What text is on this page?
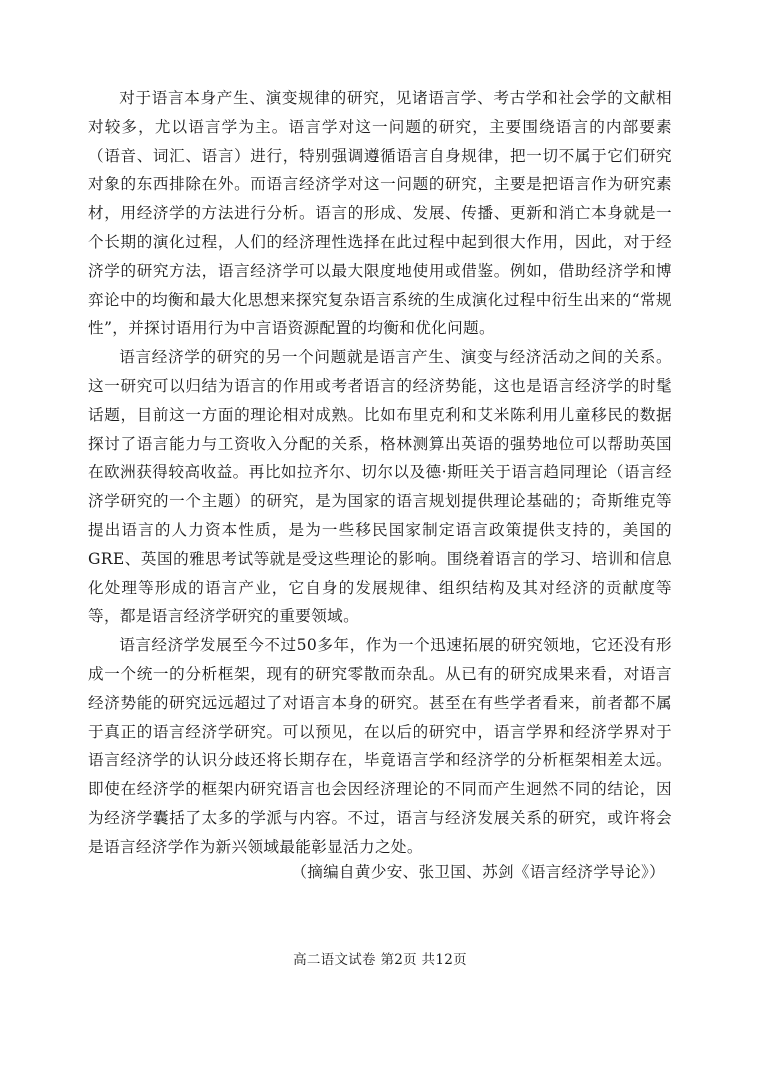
对于语言本身产生、演变规律的研究，见诸语言学、考古学和社会学的文献相对较多，尤以语言学为主。语言学对这一问题的研究，主要围绕语言的内部要素（语音、词汇、语言）进行，特别强调遵循语言自身规律，把一切不属于它们研究对象的东西排除在外。而语言经济学对这一问题的研究，主要是把语言作为研究素材，用经济学的方法进行分析。语言的形成、发展、传播、更新和消亡本身就是一个长期的演化过程，人们的经济理性选择在此过程中起到很大作用，因此，对于经济学的研究方法，语言经济学可以最大限度地使用或借鉴。例如，借助经济学和博弈论中的均衡和最大化思想来探究复杂语言系统的生成演化过程中衍生出来的“常规性”，并探讨语用行为中言语资源配置的均衡和优化问题。

语言经济学的研究的另一个问题就是语言产生、演变与经济活动之间的关系。这一研究可以归结为语言的作用或考者语言的经济势能，这也是语言经济学的时髦话题，目前这一方面的理论相对成熟。比如布里克利和艾米陈利用儿童移民的数据探讨了语言能力与工资收入分配的关系，格林测算出英语的强势地位可以帮助英国在欧洲获得较高收益。再比如拉齐尔、切尔以及德·斯旺关于语言趋同理论（语言经济学研究的一个主题）的研究，是为国家的语言规划提供理论基础的；奇斯维克等提出语言的人力资本性质，是为一些移民国家制定语言政策提供支持的，美国的GRE、英国的雅思考试等就是受这些理论的影响。围绕着语言的学习、培训和信息化处理等形成的语言产业，它自身的发展规律、组织结构及其对经济的贡献度等等，都是语言经济学研究的重要领域。

语言经济学发展至今不过50多年，作为一个迅速拓展的研究领地，它还没有形成一个统一的分析框架，现有的研究零散而杂乱。从已有的研究成果来看，对语言经济势能的研究远远超过了对语言本身的研究。甚至在有些学者看来，前者都不属于真正的语言经济学研究。可以预见，在以后的研究中，语言学界和经济学界对于语言经济学的认识分歧还将长期存在，毕竟语言学和经济学的分析框架相差太远。即使在经济学的框架内研究语言也会因经济理论的不同而产生迥然不同的结论，因为经济学囊括了太多的学派与内容。不过，语言与经济发展关系的研究，或许将会是语言经济学作为新兴领域最能彰显活力之处。

（摘编自黄少安、张卫国、苏剑《语言经济学导论》）
高二语文试卷 第2页 共12页
